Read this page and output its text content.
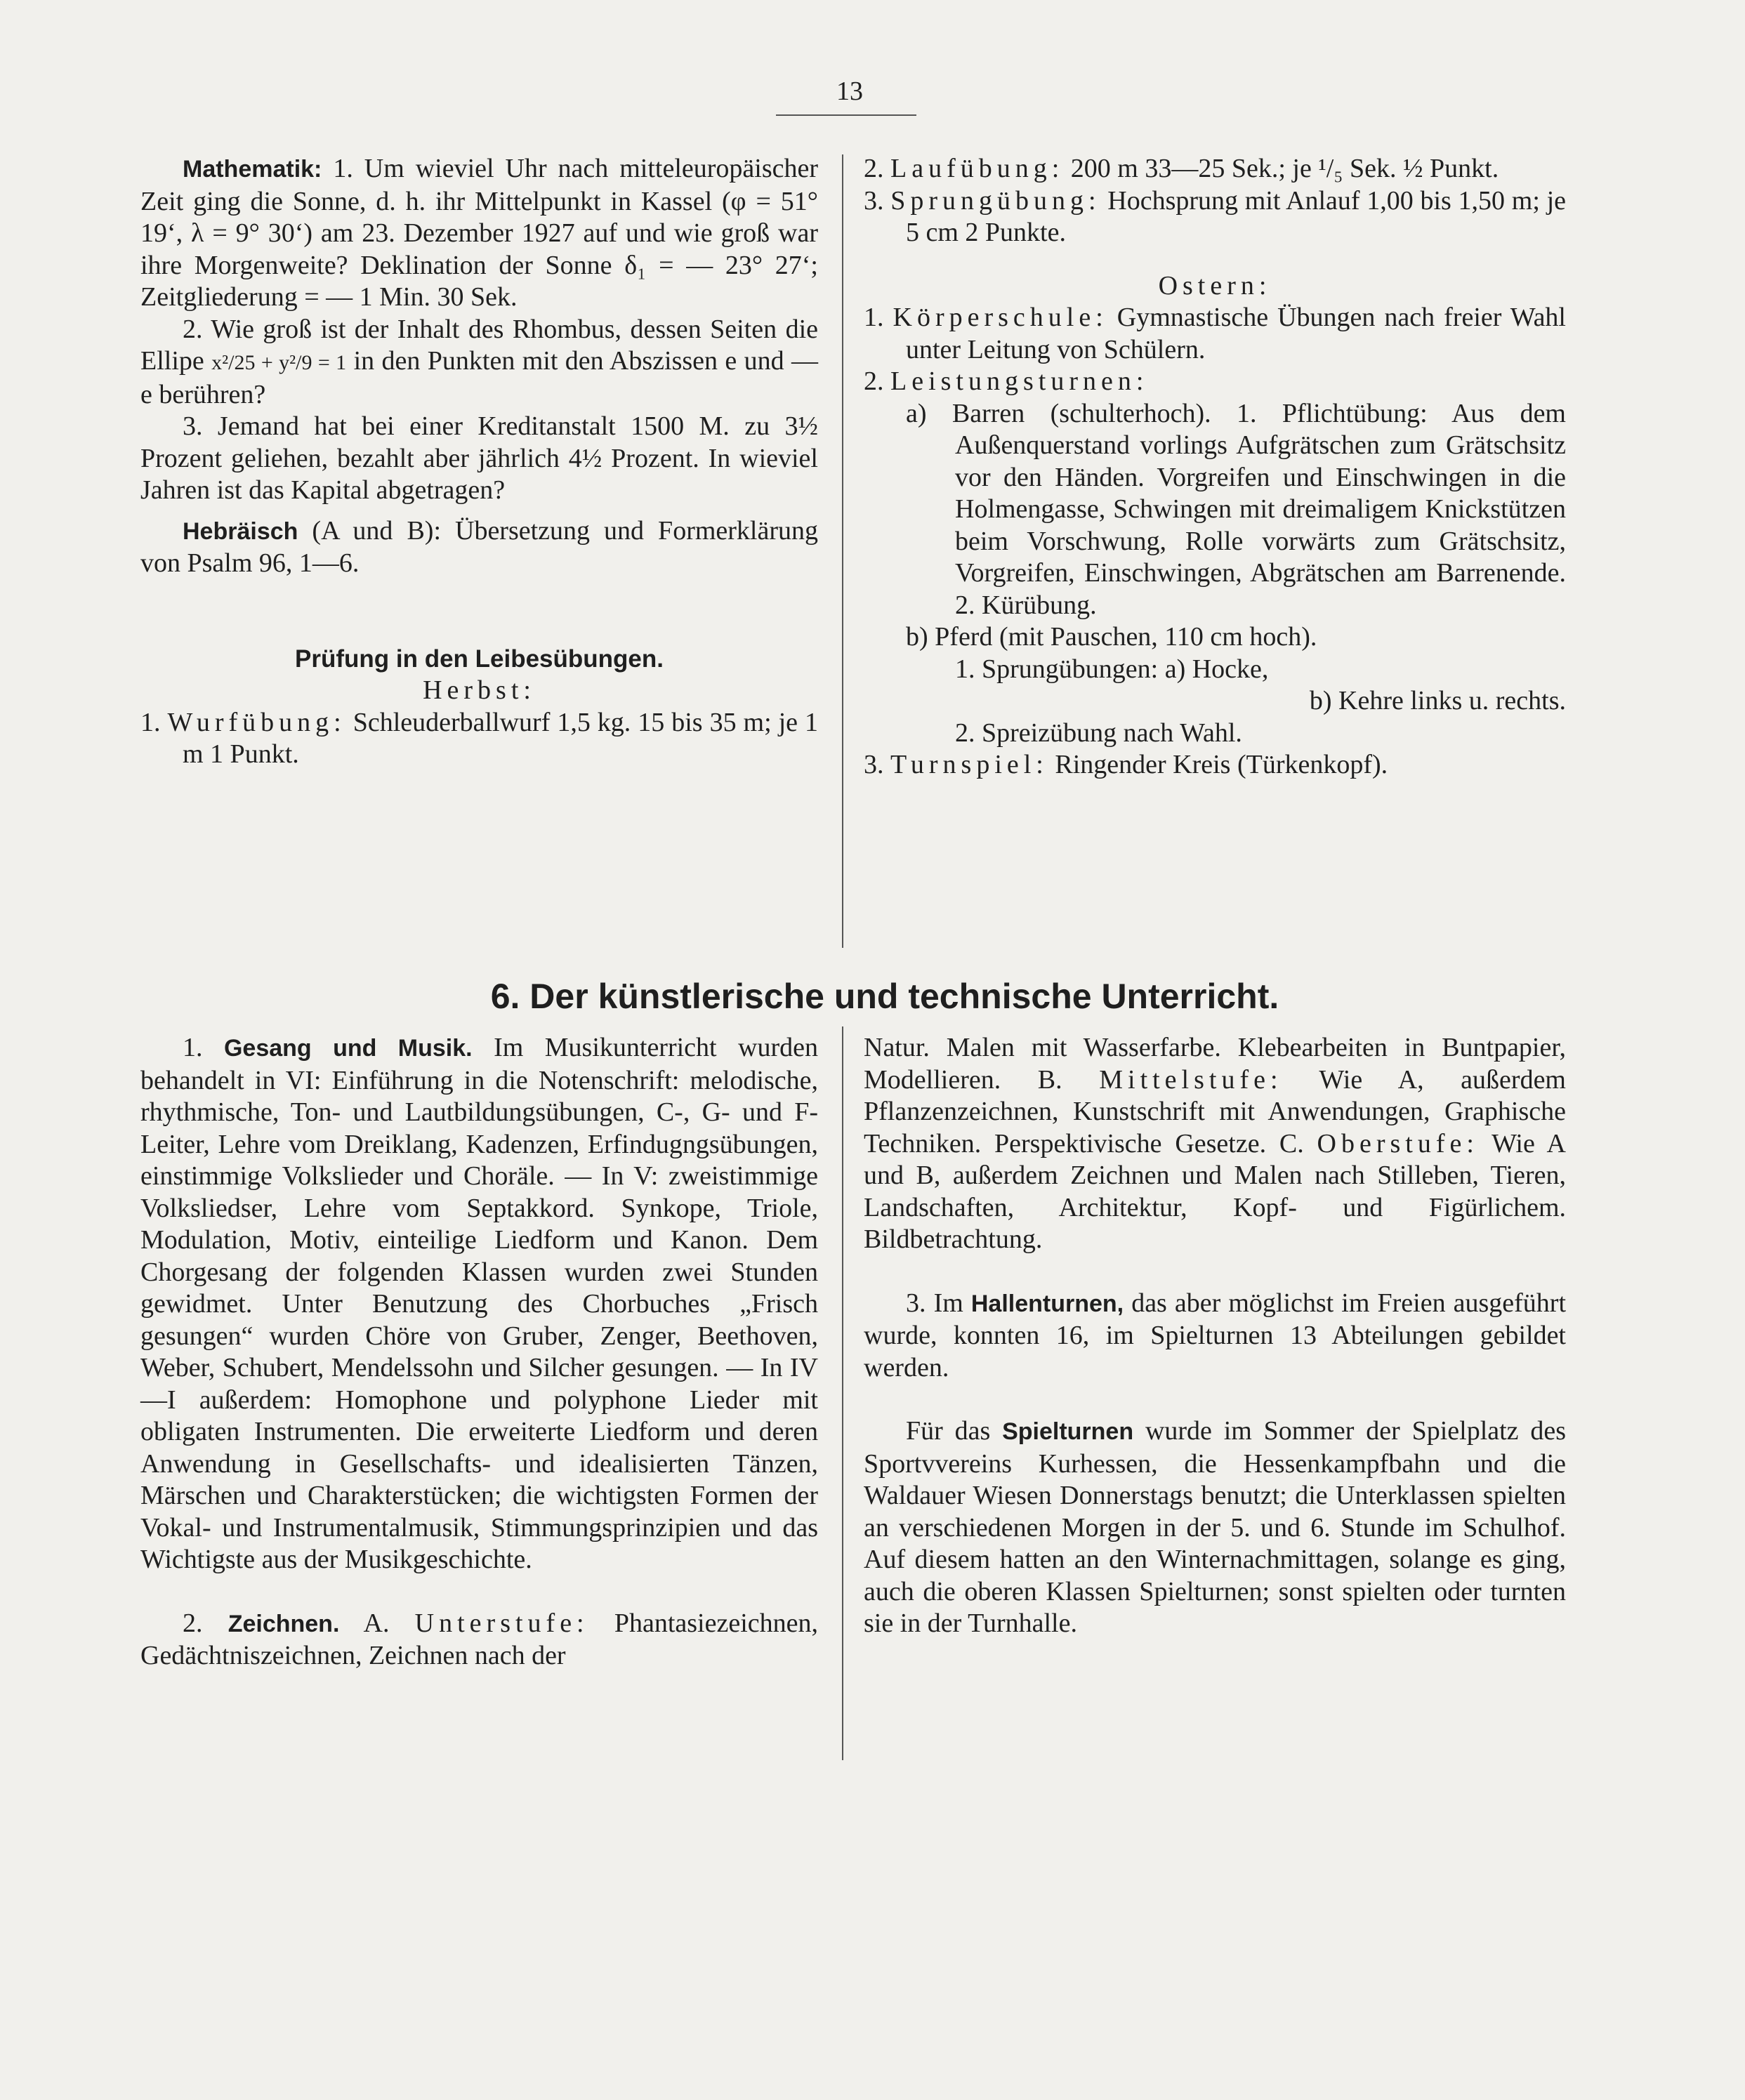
13

Mathematik: 1. Um wieviel Uhr nach mitteleuropäischer Zeit ging die Sonne, d. h. ihr Mittelpunkt in Kassel (φ = 51° 19‘, λ = 9° 30‘) am 23. Dezember 1927 auf und wie groß war ihre Morgenweite? Deklination der Sonne δ₁ = — 23° 27‘; Zeitgliederung = — 1 Min. 30 Sek.

2. Wie groß ist der Inhalt des Rhombus, dessen Seiten die Ellipe x²/25 + y²/9 = 1 in den Punkten mit den Abszissen e und —e berühren?

3. Jemand hat bei einer Kreditanstalt 1500 M. zu 3½ Prozent geliehen, bezahlt aber jährlich 4½ Prozent. In wieviel Jahren ist das Kapital abgetragen?

Hebräisch (A und B): Übersetzung und Formerklärung von Psalm 96, 1—6.

Prüfung in den Leibesübungen.

Herbst:

1. Wurfübung: Schleuderballwurf 1,5 kg. 15 bis 35 m; je 1 m 1 Punkt.

2. Laufübung: 200 m 33—25 Sek.; je ¹/₅ Sek. ½ Punkt.

3. Sprungübung: Hochsprung mit Anlauf 1,00 bis 1,50 m; je 5 cm 2 Punkte.

Ostern:

1. Körperschule: Gymnastische Übungen nach freier Wahl unter Leitung von Schülern.

2. Leistungsturnen:

a) Barren (schulterhoch). 1. Pflichtübung: Aus dem Außenquerstand vorlings Aufgrätschen zum Grätschsitz vor den Händen. Vorgreifen und Einschwingen in die Holmengasse, Schwingen mit dreimaligem Knickstützen beim Vorschwung, Rolle vorwärts zum Grätschsitz, Vorgreifen, Einschwingen, Abgrätschen am Barrenende. 2. Kürübung.

b) Pferd (mit Pauschen, 110 cm hoch).

1. Sprungübungen: a) Hocke,

b) Kehre links u. rechts.

2. Spreizübung nach Wahl.

3. Turnspiel: Ringender Kreis (Türkenkopf).

6. Der künstlerische und technische Unterricht.

1. Gesang und Musik. Im Musikunterricht wurden behandelt in VI: Einführung in die Notenschrift: melodische, rhythmische, Ton- und Lautbildungsübungen, C-, G- und F-Leiter, Lehre vom Dreiklang, Kadenzen, Erfindugngsübungen, einstimmige Volkslieder und Choräle. — In V: zweistimmige Volksliedser, Lehre vom Septakkord. Synkope, Triole, Modulation, Motiv, einteilige Liedform und Kanon. Dem Chorgesang der folgenden Klassen wurden zwei Stunden gewidmet. Unter Benutzung des Chorbuches „Frisch gesungen“ wurden Chöre von Gruber, Zenger, Beethoven, Weber, Schubert, Mendelssohn und Silcher gesungen. — In IV—I außerdem: Homophone und polyphone Lieder mit obligaten Instrumenten. Die erweiterte Liedform und deren Anwendung in Gesellschafts- und idealisierten Tänzen, Märschen und Charakterstücken; die wichtigsten Formen der Vokal- und Instrumentalmusik, Stimmungsprinzipien und das Wichtigste aus der Musikgeschichte.

2. Zeichnen. A. Unterstufe: Phantasiezeichnen, Gedächtniszeichnen, Zeichnen nach der

Natur. Malen mit Wasserfarbe. Klebearbeiten in Buntpapier, Modellieren. B. Mittelstufe: Wie A, außerdem Pflanzenzeichnen, Kunstschrift mit Anwendungen, Graphische Techniken. Perspektivische Gesetze. C. Oberstufe: Wie A und B, außerdem Zeichnen und Malen nach Stilleben, Tieren, Landschaften, Architektur, Kopf- und Figürlichem. Bildbetrachtung.

3. Im Hallenturnen, das aber möglichst im Freien ausgeführt wurde, konnten 16, im Spielturnen 13 Abteilungen gebildet werden.

Für das Spielturnen wurde im Sommer der Spielplatz des Sportvvereins Kurhessen, die Hessenkampfbahn und die Waldauer Wiesen Donnerstags benutzt; die Unterklassen spielten an verschiedenen Morgen in der 5. und 6. Stunde im Schulhof. Auf diesem hatten an den Winternachmittagen, solange es ging, auch die oberen Klassen Spielturnen; sonst spielten oder turnten sie in der Turnhalle.
